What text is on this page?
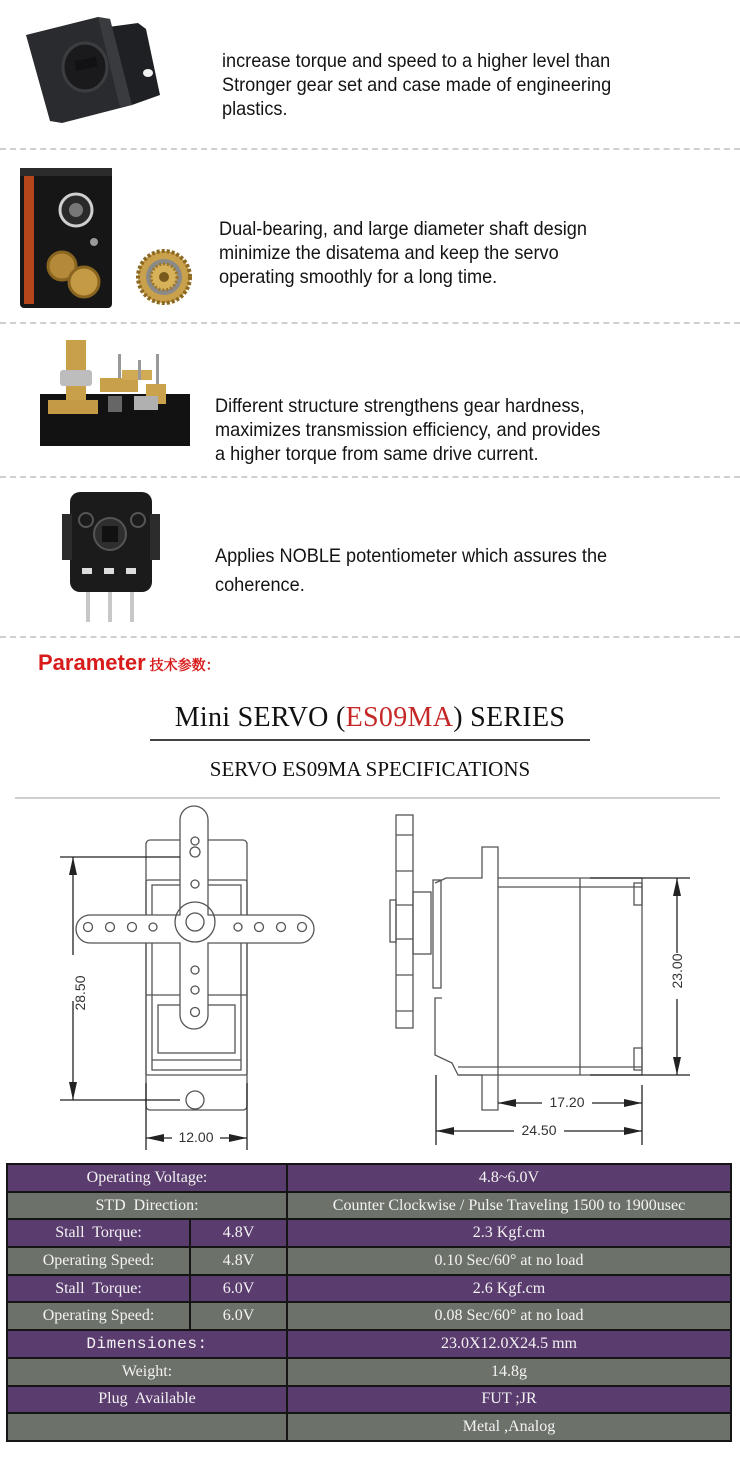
increase torque and speed to a higher level than
Stronger gear set and case made of engineering
plastics.
Dual-bearing, and large diameter shaft design
minimize the disatema and keep the servo
operating smoothly for a long time.
Different structure strengthens gear hardness,
maximizes transmission efficiency, and provides
a higher torque from same drive current.
Applies NOBLE potentiometer which assures the
coherence.
Parameter 技术参数：
Mini SERVO (ES09MA) SERIES
SERVO ES09MA SPECIFICATIONS
28.50
12.00
23.00
17.20
24.50
Operating Voltage:		4.8~6.0V
STD  Direction:		Counter Clockwise / Pulse Traveling 1500 to 1900usec
Stall  Torque:	4.8V	2.3 Kgf.cm
Operating Speed:	4.8V	0.10 Sec/60° at no load
Stall  Torque:	6.0V	2.6 Kgf.cm
Operating Speed:	6.0V	0.08 Sec/60° at no load
Dimensiones:		23.0X12.0X24.5 mm
Weight:		14.8g
Plug  Available		FUT ;JR
		Metal ,Analog
